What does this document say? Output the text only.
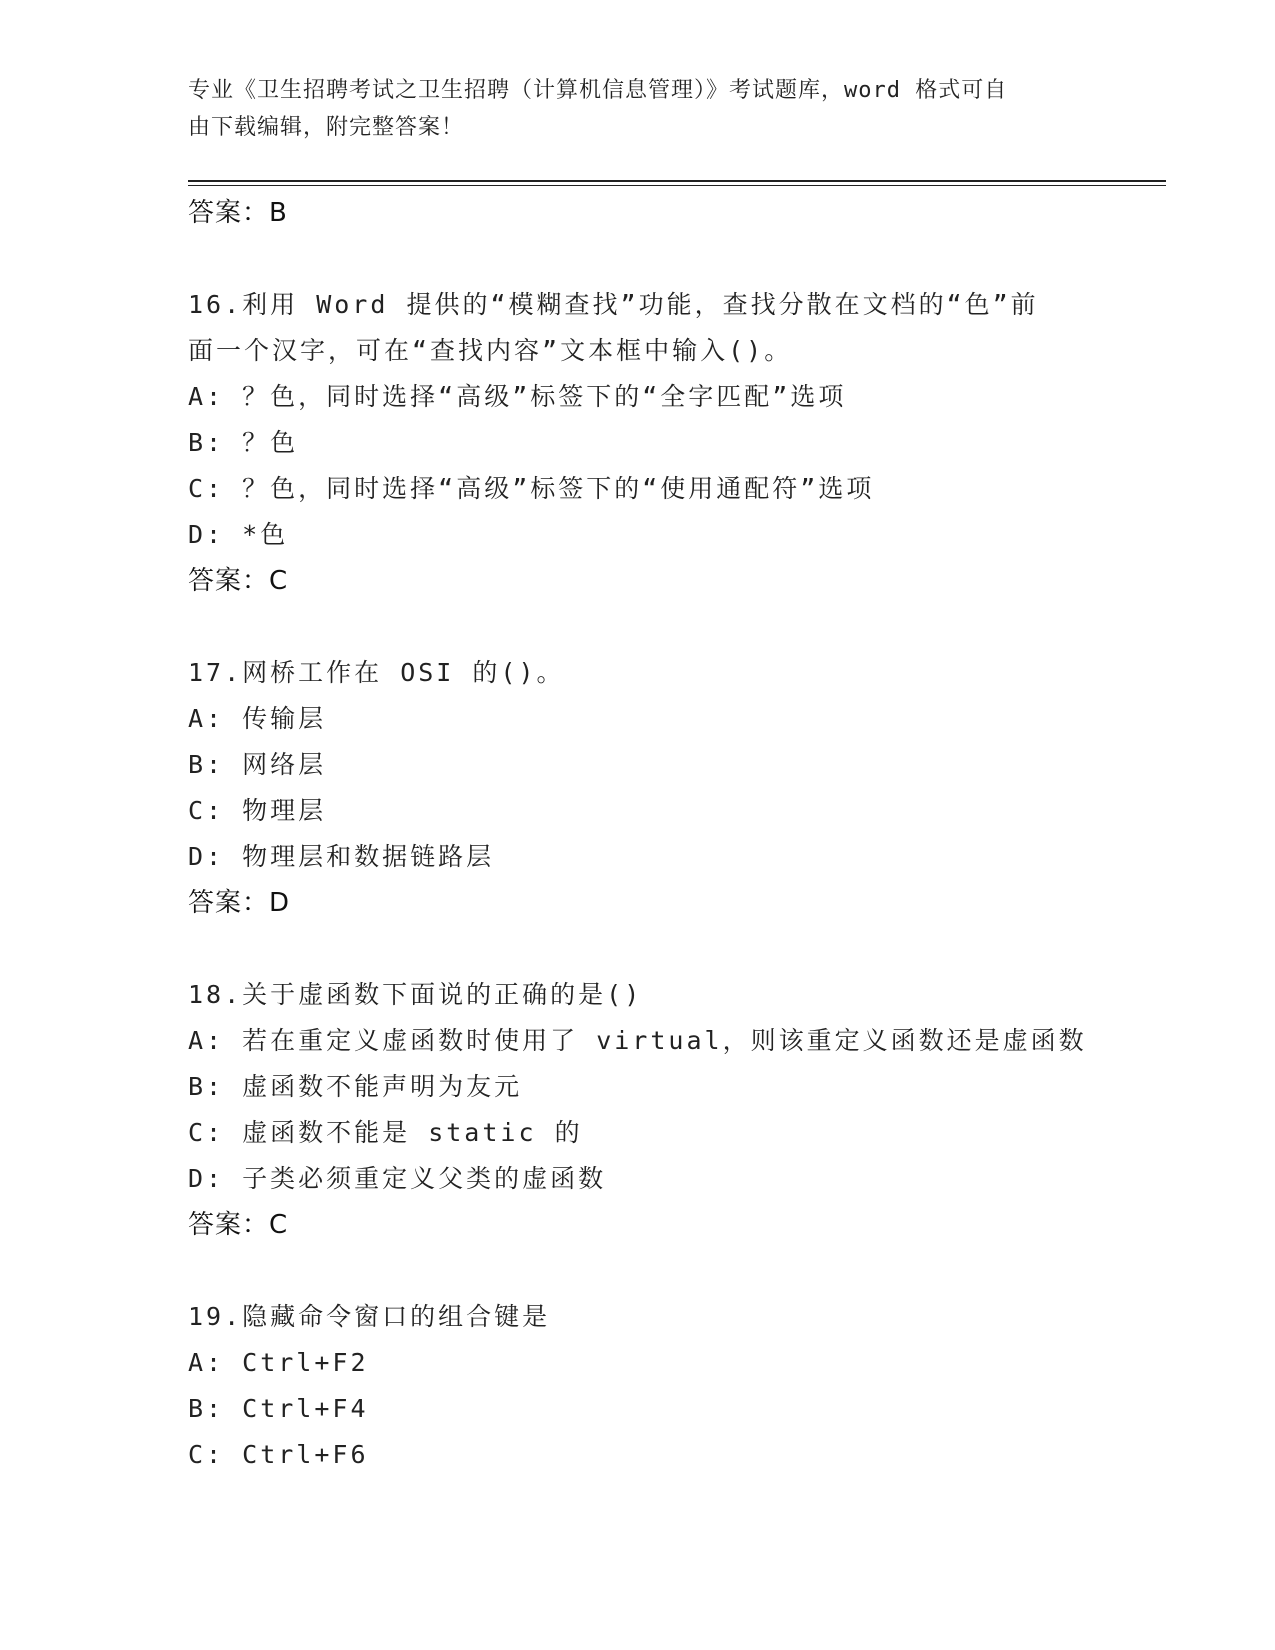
专业《卫生招聘考试之卫生招聘（计算机信息管理）》考试题库，word 格式可自
由下载编辑，附完整答案！
答案：B
16.利用 Word 提供的“模糊查找”功能，查找分散在文档的“色”前
面一个汉字，可在“查找内容”文本框中输入()。
A: ？色，同时选择“高级”标签下的“全字匹配”选项
B: ？色
C: ？色，同时选择“高级”标签下的“使用通配符”选项
D: *色
答案：C
17.网桥工作在 OSI 的()。
A: 传输层
B: 网络层
C: 物理层
D: 物理层和数据链路层
答案：D
18.关于虚函数下面说的正确的是()
A: 若在重定义虚函数时使用了 virtual，则该重定义函数还是虚函数
B: 虚函数不能声明为友元
C: 虚函数不能是 static 的
D: 子类必须重定义父类的虚函数
答案：C
19.隐藏命令窗口的组合键是
A: Ctrl+F2
B: Ctrl+F4
C: Ctrl+F6
